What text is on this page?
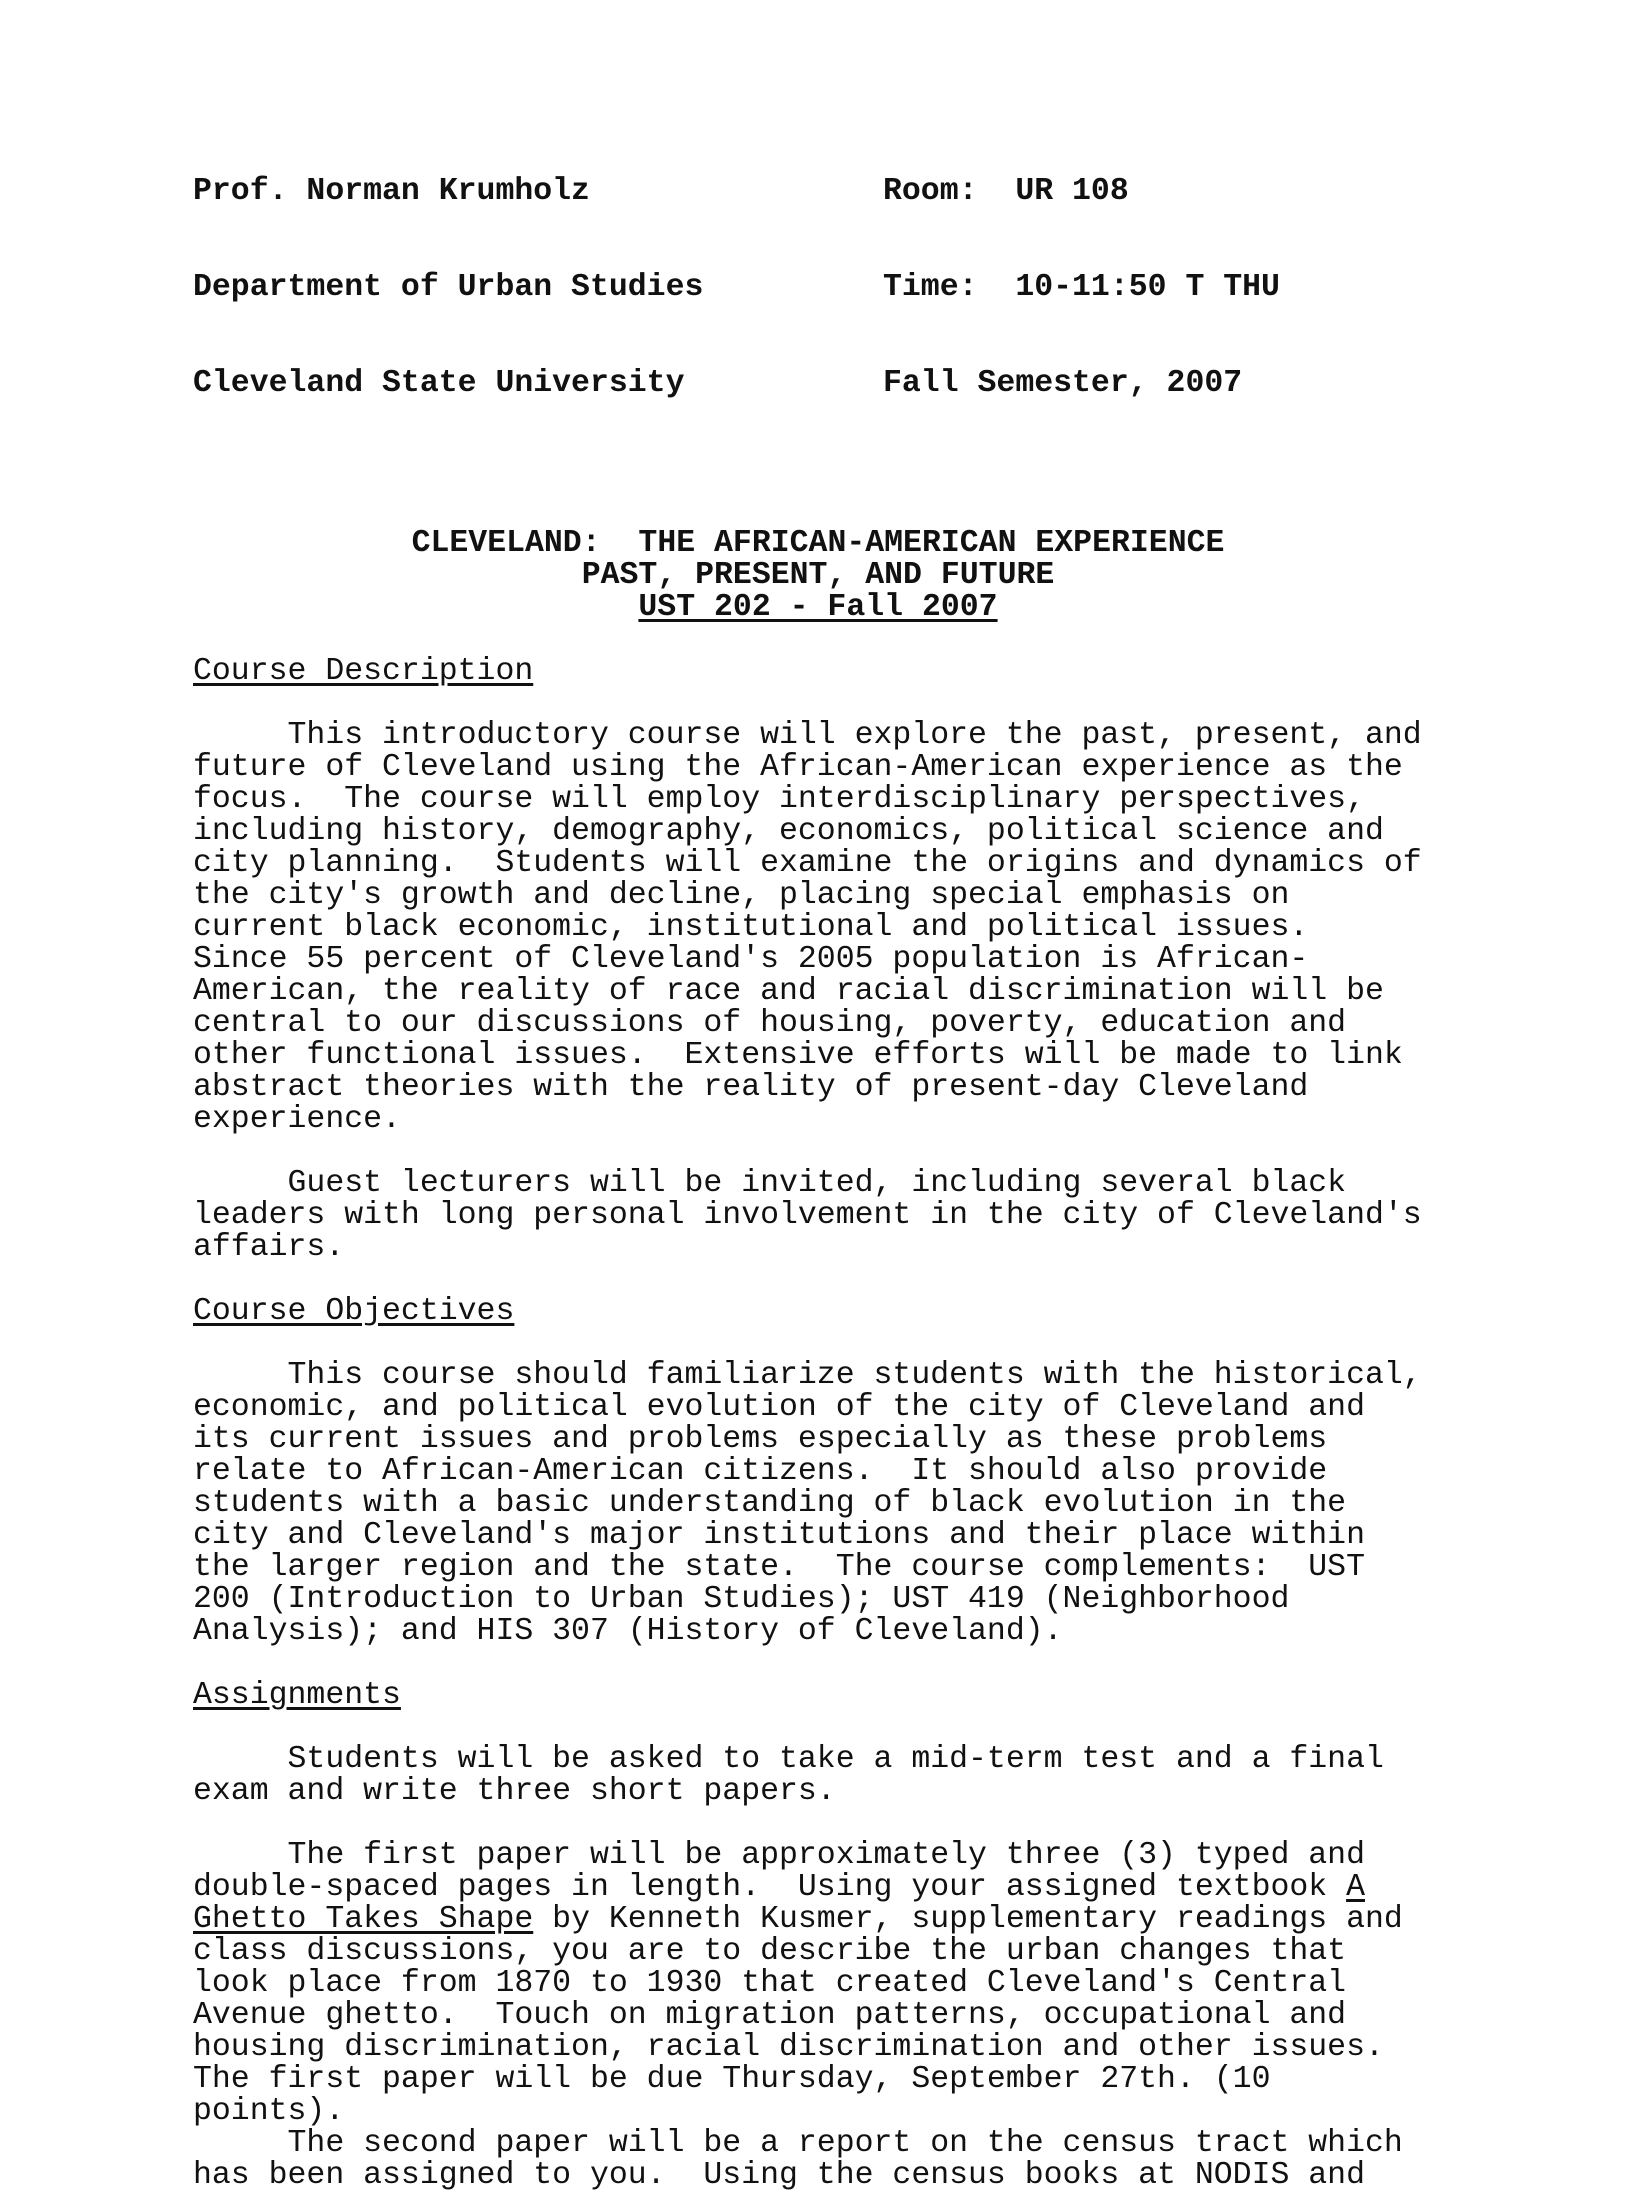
Prof. Norman Krumholz

Department of Urban Studies

Cleveland State University

Room:  UR 108

Time:  10-11:50 T THU

Fall Semester, 2007

CLEVELAND:  THE AFRICAN-AMERICAN EXPERIENCE
PAST, PRESENT, AND FUTURE
UST 202 - Fall 2007
Course Description
This introductory course will explore the past, present, and
future of Cleveland using the African-American experience as the
focus.  The course will employ interdisciplinary perspectives,
including history, demography, economics, political science and
city planning.  Students will examine the origins and dynamics of
the city's growth and decline, placing special emphasis on
current black economic, institutional and political issues.
Since 55 percent of Cleveland's 2005 population is African-
American, the reality of race and racial discrimination will be
central to our discussions of housing, poverty, education and
other functional issues.  Extensive efforts will be made to link
abstract theories with the reality of present-day Cleveland
experience.
Guest lecturers will be invited, including several black
leaders with long personal involvement in the city of Cleveland's
affairs.
Course Objectives
This course should familiarize students with the historical,
economic, and political evolution of the city of Cleveland and
its current issues and problems especially as these problems
relate to African-American citizens.  It should also provide
students with a basic understanding of black evolution in the
city and Cleveland's major institutions and their place within
the larger region and the state.  The course complements:  UST
200 (Introduction to Urban Studies); UST 419 (Neighborhood
Analysis); and HIS 307 (History of Cleveland).
Assignments
Students will be asked to take a mid-term test and a final
exam and write three short papers.
The first paper will be approximately three (3) typed and
double-spaced pages in length.  Using your assigned textbook A
Ghetto Takes Shape by Kenneth Kusmer, supplementary readings and
class discussions, you are to describe the urban changes that
look place from 1870 to 1930 that created Cleveland's Central
Avenue ghetto.  Touch on migration patterns, occupational and
housing discrimination, racial discrimination and other issues.
The first paper will be due Thursday, September 27th. (10
points).
The second paper will be a report on the census tract which
has been assigned to you.  Using the census books at NODIS and
